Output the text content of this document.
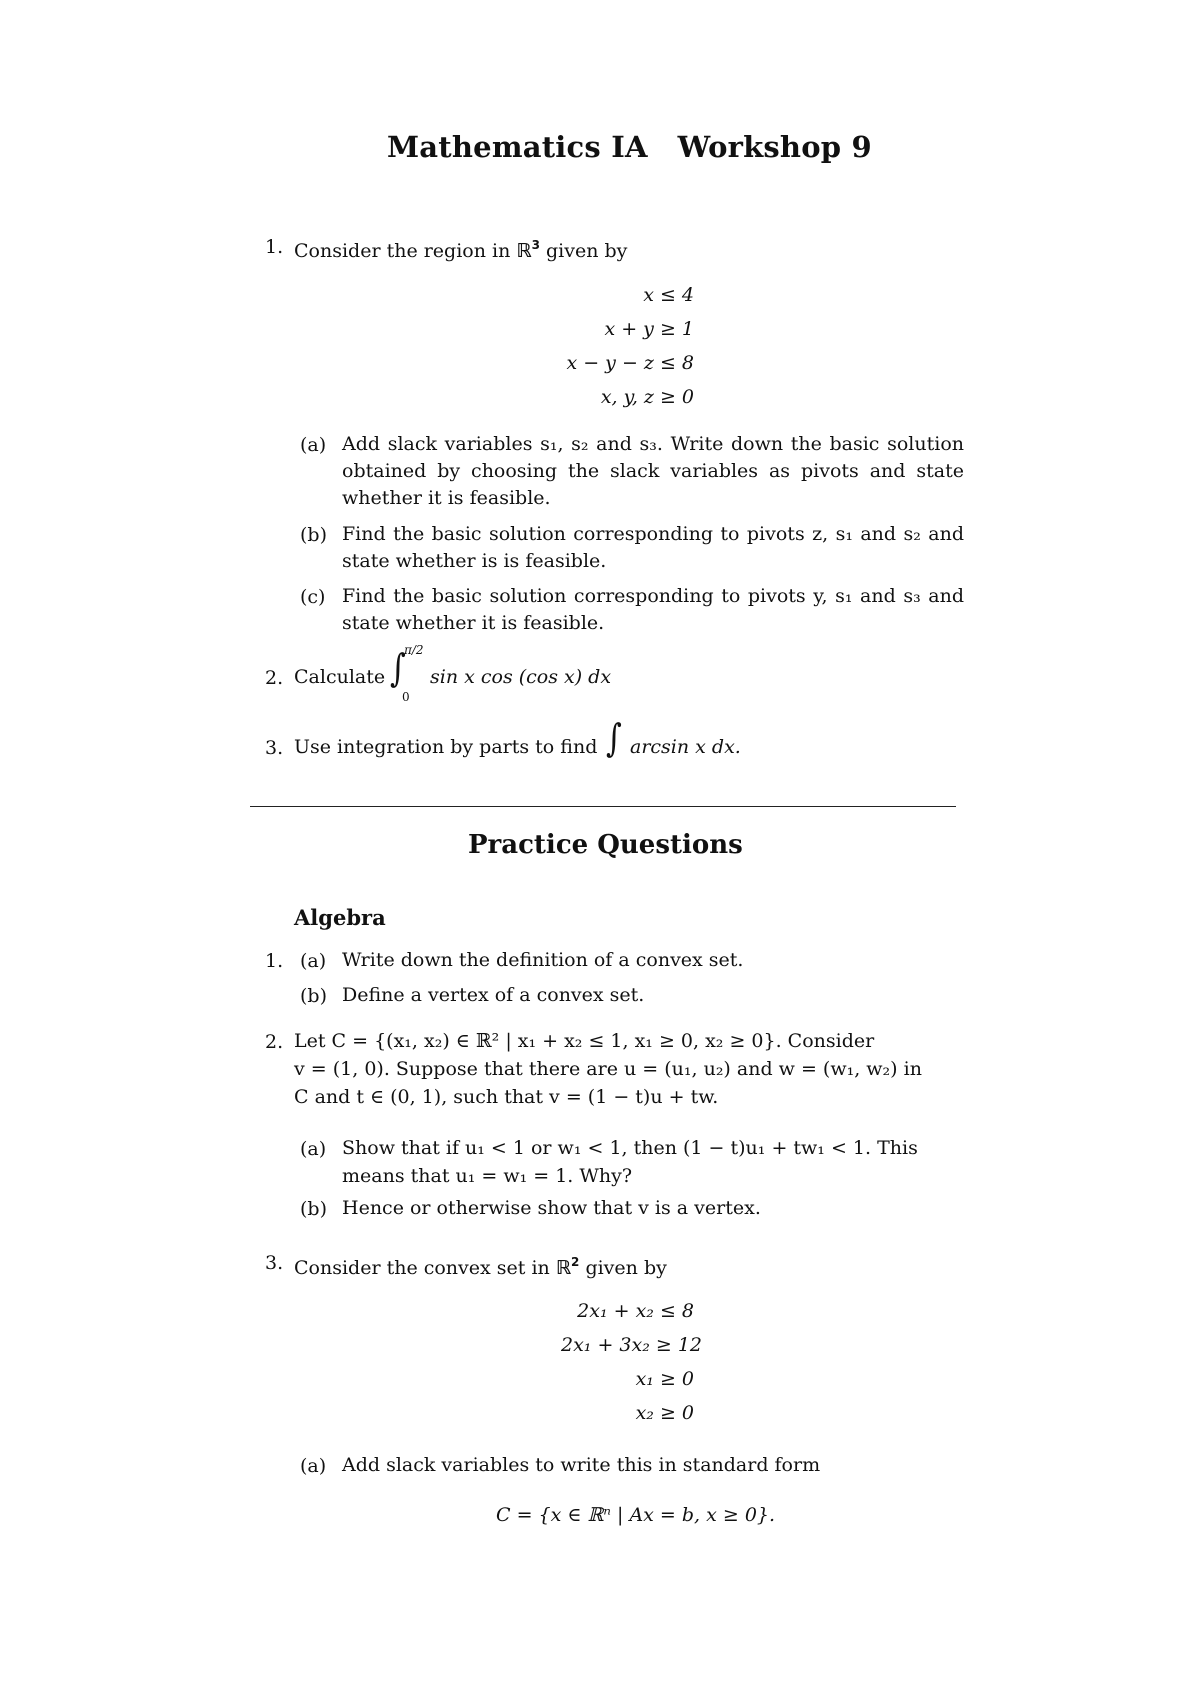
Mathematics IA Workshop 9
1. Consider the region in ℝ$^3$ given by
x ≤ 4
x + y ≥ 1
x − y − z ≤ 8
x, y, z ≥ 0
(a) Add slack variables s₁, s₂ and s₃. Write down the basic solution obtained by choosing the slack variables as pivots and state whether it is feasible.
(b) Find the basic solution corresponding to pivots z, s₁ and s₂ and state whether is is feasible.
(c) Find the basic solution corresponding to pivots y, s₁ and s₃ and state whether it is feasible.
2. Calculate ∫
π/2
0
sin x cos (cos x) dx
3. Use integration by parts to find ∫ arcsin x dx.
Practice Questions
Algebra
1. (a) Write down the definition of a convex set.
(b) Define a vertex of a convex set.
2. Let C = {(x₁, x₂) ∈ ℝ² | x₁ + x₂ ≤ 1, x₁ ≥ 0, x₂ ≥ 0}. Consider
v = (1, 0). Suppose that there are u = (u₁, u₂) and w = (w₁, w₂) in
C and t ∈ (0, 1), such that v = (1 − t)u + tw.
(a) Show that if u₁ < 1 or w₁ < 1, then (1 − t)u₁ + tw₁ < 1. This
means that u₁ = w₁ = 1. Why?
(b) Hence or otherwise show that v is a vertex.
3. Consider the convex set in ℝ$^2$ given by
2x₁ + x₂ ≤ 8
2x₁ + 3x₂ ≥ 12
x₁ ≥ 0
x₂ ≥ 0
(a) Add slack variables to write this in standard form
C = {x ∈ ℝⁿ | Ax = b, x ≥ 0}.
